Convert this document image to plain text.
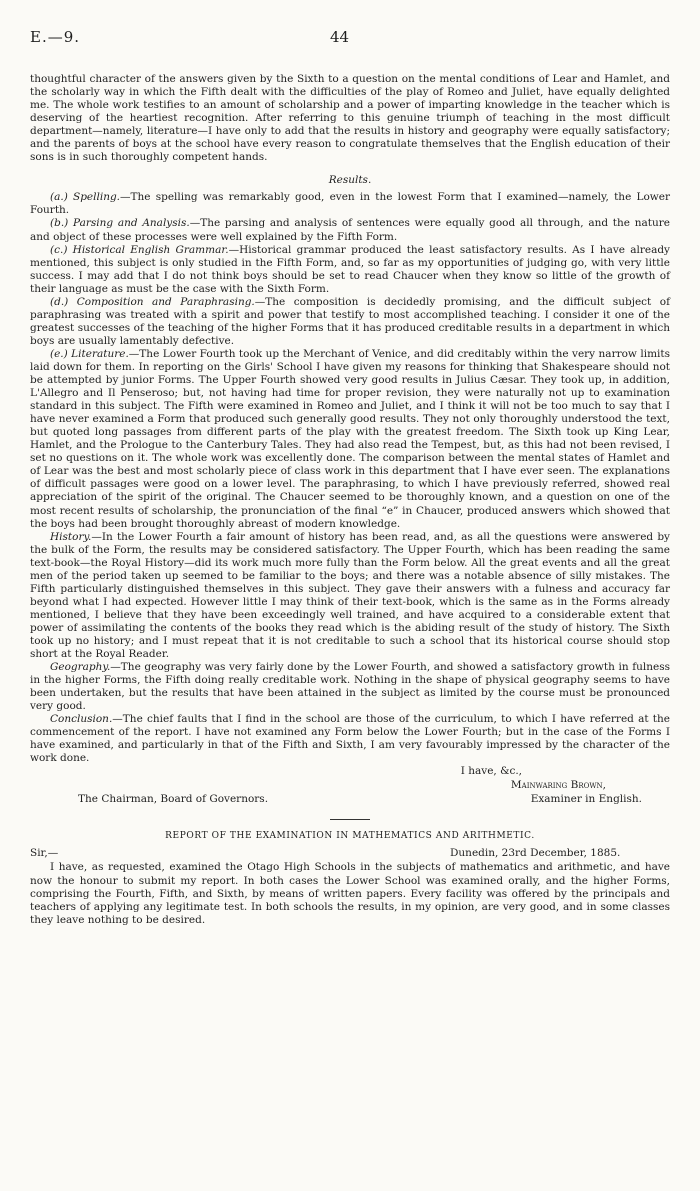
E.—9.	44

thoughtful character of the answers given by the Sixth to a question on the mental conditions of Lear and Hamlet, and the scholarly way in which the Fifth dealt with the difficulties of the play of Romeo and Juliet, have equally delighted me. The whole work testifies to an amount of scholarship and a power of imparting knowledge in the teacher which is deserving of the heartiest recognition. After referring to this genuine triumph of teaching in the most difficult department—namely, literature—I have only to add that the results in history and geography were equally satisfactory; and the parents of boys at the school have every reason to congratulate themselves that the English education of their sons is in such thoroughly competent hands.

Results.

(a.) Spelling.—The spelling was remarkably good, even in the lowest Form that I examined—namely, the Lower Fourth.

(b.) Parsing and Analysis.—The parsing and analysis of sentences were equally good all through, and the nature and object of these processes were well explained by the Fifth Form.

(c.) Historical English Grammar.—Historical grammar produced the least satisfactory results. As I have already mentioned, this subject is only studied in the Fifth Form, and, so far as my opportunities of judging go, with very little success. I may add that I do not think boys should be set to read Chaucer when they know so little of the growth of their language as must be the case with the Sixth Form.

(d.) Composition and Paraphrasing.—The composition is decidedly promising, and the difficult subject of paraphrasing was treated with a spirit and power that testify to most accomplished teaching. I consider it one of the greatest successes of the teaching of the higher Forms that it has produced creditable results in a department in which boys are usually lamentably defective.

(e.) Literature.—The Lower Fourth took up the Merchant of Venice, and did creditably within the very narrow limits laid down for them. In reporting on the Girls' School I have given my reasons for thinking that Shakespeare should not be attempted by junior Forms. The Upper Fourth showed very good results in Julius Cæsar. They took up, in addition, L'Allegro and Il Penseroso; but, not having had time for proper revision, they were naturally not up to examination standard in this subject. The Fifth were examined in Romeo and Juliet, and I think it will not be too much to say that I have never examined a Form that produced such generally good results. They not only thoroughly understood the text, but quoted long passages from different parts of the play with the greatest freedom. The Sixth took up King Lear, Hamlet, and the Prologue to the Canterbury Tales. They had also read the Tempest, but, as this had not been revised, I set no questions on it. The whole work was excellently done. The comparison between the mental states of Hamlet and of Lear was the best and most scholarly piece of class work in this department that I have ever seen. The explanations of difficult passages were good on a lower level. The paraphrasing, to which I have previously referred, showed real appreciation of the spirit of the original. The Chaucer seemed to be thoroughly known, and a question on one of the most recent results of scholarship, the pronunciation of the final “e” in Chaucer, produced answers which showed that the boys had been brought thoroughly abreast of modern knowledge.

History.—In the Lower Fourth a fair amount of history has been read, and, as all the questions were answered by the bulk of the Form, the results may be considered satisfactory. The Upper Fourth, which has been reading the same text-book—the Royal History—did its work much more fully than the Form below. All the great events and all the great men of the period taken up seemed to be familiar to the boys; and there was a notable absence of silly mistakes. The Fifth particularly distinguished themselves in this subject. They gave their answers with a fulness and accuracy far beyond what I had expected. However little I may think of their text-book, which is the same as in the Forms already mentioned, I believe that they have been exceedingly well trained, and have acquired to a considerable extent that power of assimilating the contents of the books they read which is the abiding result of the study of history. The Sixth took up no history; and I must repeat that it is not creditable to such a school that its historical course should stop short at the Royal Reader.

Geography.—The geography was very fairly done by the Lower Fourth, and showed a satisfactory growth in fulness in the higher Forms, the Fifth doing really creditable work. Nothing in the shape of physical geography seems to have been undertaken, but the results that have been attained in the subject as limited by the course must be pronounced very good.

Conclusion.—The chief faults that I find in the school are those of the curriculum, to which I have referred at the commencement of the report. I have not examined any Form below the Lower Fourth; but in the case of the Forms I have examined, and particularly in that of the Fifth and Sixth, I am very favourably impressed by the character of the work done.

I have, &c.,
Mainwaring Brown,
The Chairman, Board of Governors.	Examiner in English.

REPORT OF THE EXAMINATION IN MATHEMATICS AND ARITHMETIC.

Sir,—	Dunedin, 23rd December, 1885.

I have, as requested, examined the Otago High Schools in the subjects of mathematics and arithmetic, and have now the honour to submit my report. In both cases the Lower School was examined orally, and the higher Forms, comprising the Fourth, Fifth, and Sixth, by means of written papers. Every facility was offered by the principals and teachers of applying any legitimate test. In both schools the results, in my opinion, are very good, and in some classes they leave nothing to be desired.
